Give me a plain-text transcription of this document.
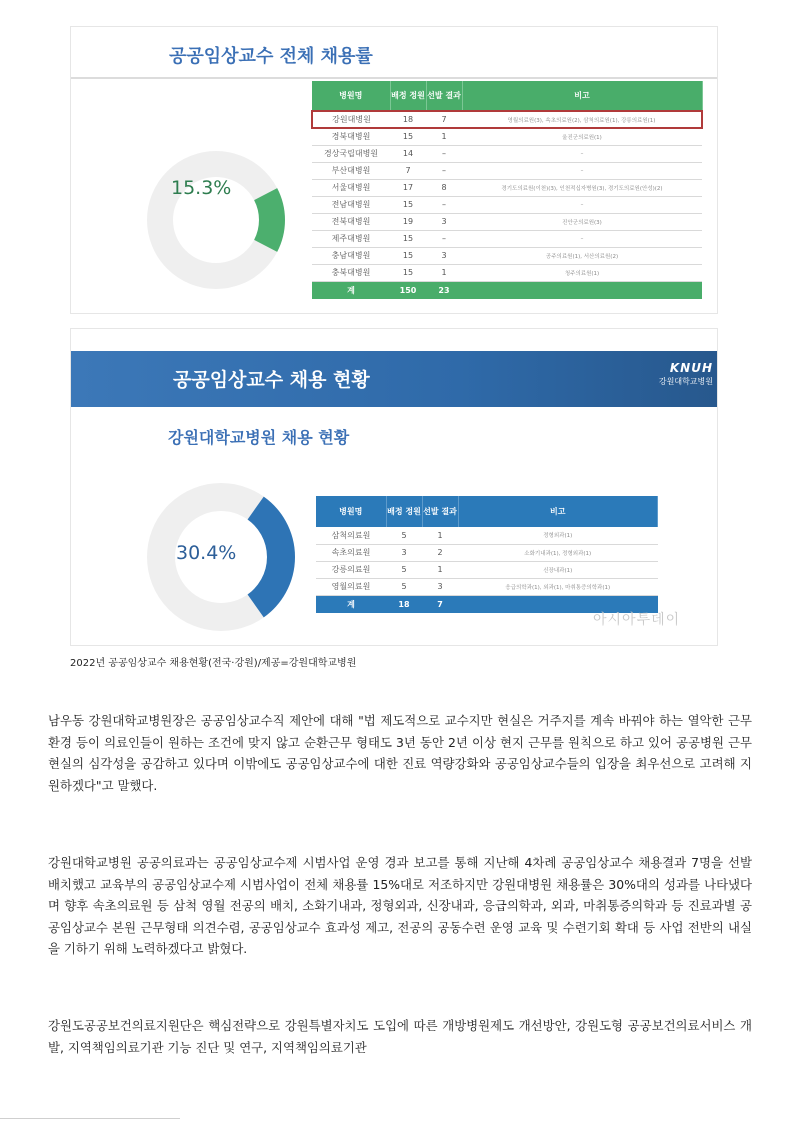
공공임상교수 전체 채용률
15.3%
병원명	배정 정원	선발 결과	비고
강원대병원	18	7	영월의료원(3), 속초의료원(2), 삼척의료원(1), 강릉의료원(1)
경북대병원	15	1	울진군의료원(1)
경상국립대병원	14	–	–
부산대병원	7	–	–
서울대병원	17	8	경기도의료원(이천)(3), 인천적십자병원(3), 경기도의료원(안성)(2)
전남대병원	15	–	–
전북대병원	19	3	진안군의료원(3)
제주대병원	15	–	–
충남대병원	15	3	공주의료원(1), 서산의료원(2)
충북대병원	15	1	청주의료원(1)
계	150	23	
공공임상교수 채용 현황
KNUH
강원대학교병원
강원대학교병원 채용 현황
30.4%
병원명	배정 정원	선발 결과	비고
삼척의료원	5	1	정형외과(1)
속초의료원	3	2	소화기내과(1), 정형외과(1)
강릉의료원	5	1	신장내과(1)
영월의료원	5	3	응급의학과(1), 외과(1), 마취통증의학과(1)
계	18	7	
아시아투데이
2022년 공공임상교수 채용현황(전국·강원)/제공=강원대학교병원

남우동 강원대학교병원장은 공공임상교수직 제안에 대해 "법 제도적으로 교수지만 현실은 거주지를 계속 바꿔야 하는 열악한 근무환경 등이 의료인들이 원하는 조건에 맞지 않고 순환근무 형태도 3년 동안 2년 이상 현지 근무를 원칙으로 하고 있어 공공병원 근무 현실의 심각성을 공감하고 있다며 이밖에도 공공임상교수에 대한 진료 역량강화와 공공임상교수들의 입장을 최우선으로 고려해 지원하겠다"고 말했다.

강원대학교병원 공공의료과는 공공임상교수제 시범사업 운영 경과 보고를 통해 지난해 4차례 공공임상교수 채용결과 7명을 선발 배치했고 교육부의 공공임상교수제 시범사업이 전체 채용률 15%대로 저조하지만 강원대병원 채용률은 30%대의 성과를 나타냈다며 향후 속초의료원 등 삼척 영월 전공의 배치, 소화기내과, 정형외과, 신장내과, 응급의학과, 외과, 마취통증의학과 등 진료과별 공공임상교수 본원 근무형태 의견수렴, 공공임상교수 효과성 제고, 전공의 공동수련 운영 교육 및 수련기회 확대 등 사업 전반의 내실을 기하기 위해 노력하겠다고 밝혔다.

강원도공공보건의료지원단은 핵심전략으로 강원특별자치도 도입에 따른 개방병원제도 개선방안, 강원도형 공공보건의료서비스 개발, 지역책임의료기관 기능 진단 및 연구, 지역책임의료기관
